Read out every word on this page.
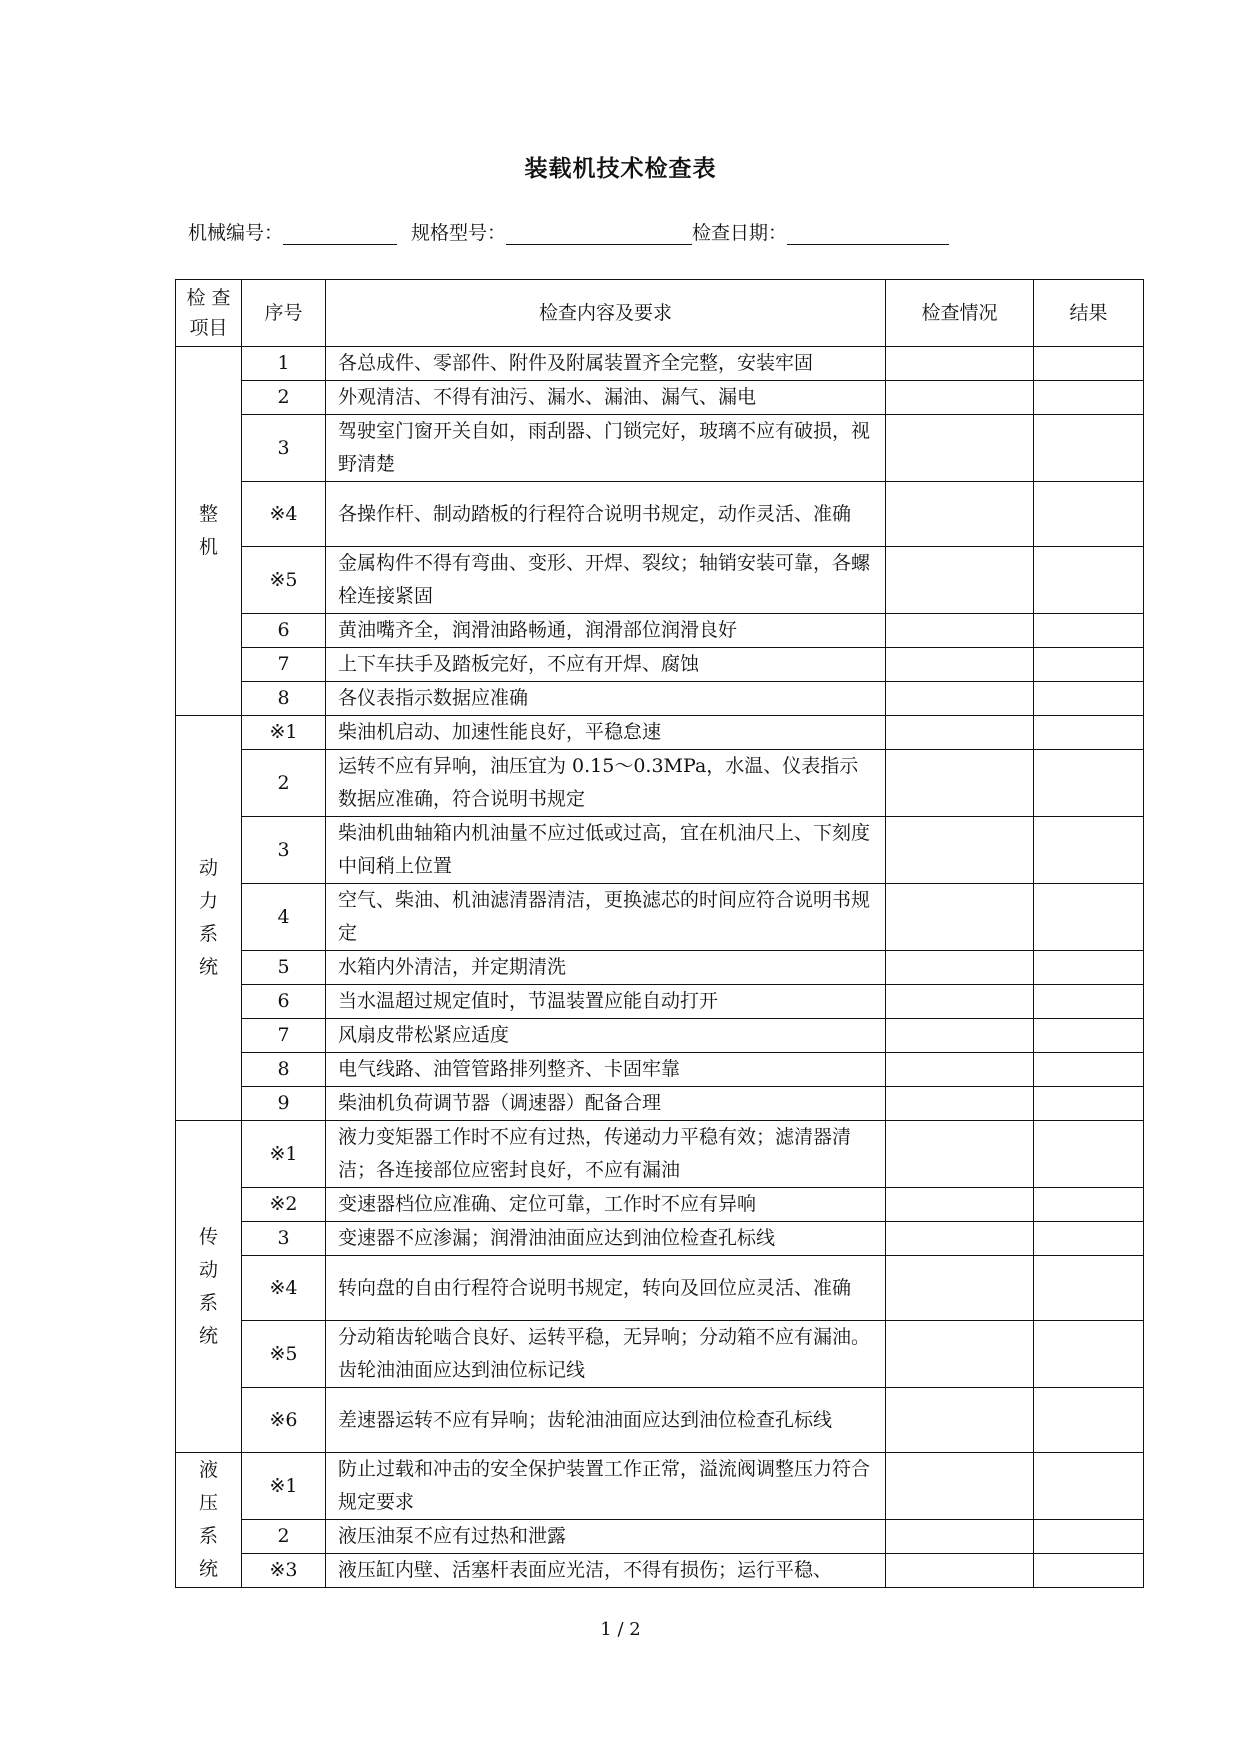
装载机技术检查表
机械编号：	规格型号：	检查日期：
检 查
项目	序号	检查内容及要求	检查情况	结果

整
机	1	各总成件、零部件、附件及附属装置齐全完整，安装牢固		
	2	外观清洁、不得有油污、漏水、漏油、漏气、漏电		
	3	驾驶室门窗开关自如，雨刮器、门锁完好，玻璃不应有破损，视野清楚		
	※4	各操作杆、制动踏板的行程符合说明书规定，动作灵活、准确		
	※5	金属构件不得有弯曲、变形、开焊、裂纹；轴销安装可靠，各螺栓连接紧固		
	6	黄油嘴齐全，润滑油路畅通，润滑部位润滑良好		
	7	上下车扶手及踏板完好，不应有开焊、腐蚀		
	8	各仪表指示数据应准确		

动
力
系
统	※1	柴油机启动、加速性能良好，平稳怠速		
	2	运转不应有异响，油压宜为 0.15～0.3MPa，水温、仪表指示数据应准确，符合说明书规定		
	3	柴油机曲轴箱内机油量不应过低或过高，宜在机油尺上、下刻度中间稍上位置		
	4	空气、柴油、机油滤清器清洁，更换滤芯的时间应符合说明书规定		
	5	水箱内外清洁，并定期清洗		
	6	当水温超过规定值时，节温装置应能自动打开		
	7	风扇皮带松紧应适度		
	8	电气线路、油管管路排列整齐、卡固牢靠		
	9	柴油机负荷调节器（调速器）配备合理		

传
动
系
统	※1	液力变矩器工作时不应有过热，传递动力平稳有效；滤清器清洁；各连接部位应密封良好，不应有漏油		
	※2	变速器档位应准确、定位可靠，工作时不应有异响		
	3	变速器不应渗漏；润滑油油面应达到油位检查孔标线		
	※4	转向盘的自由行程符合说明书规定，转向及回位应灵活、准确		
	※5	分动箱齿轮啮合良好、运转平稳，无异响；分动箱不应有漏油。齿轮油油面应达到油位标记线		
	※6	差速器运转不应有异响；齿轮油油面应达到油位检查孔标线		

液
压
系
统	※1	防止过载和冲击的安全保护装置工作正常，溢流阀调整压力符合规定要求		
	2	液压油泵不应有过热和泄露		
	※3	液压缸内壁、活塞杆表面应光洁，不得有损伤；运行平稳、		
1 / 2
